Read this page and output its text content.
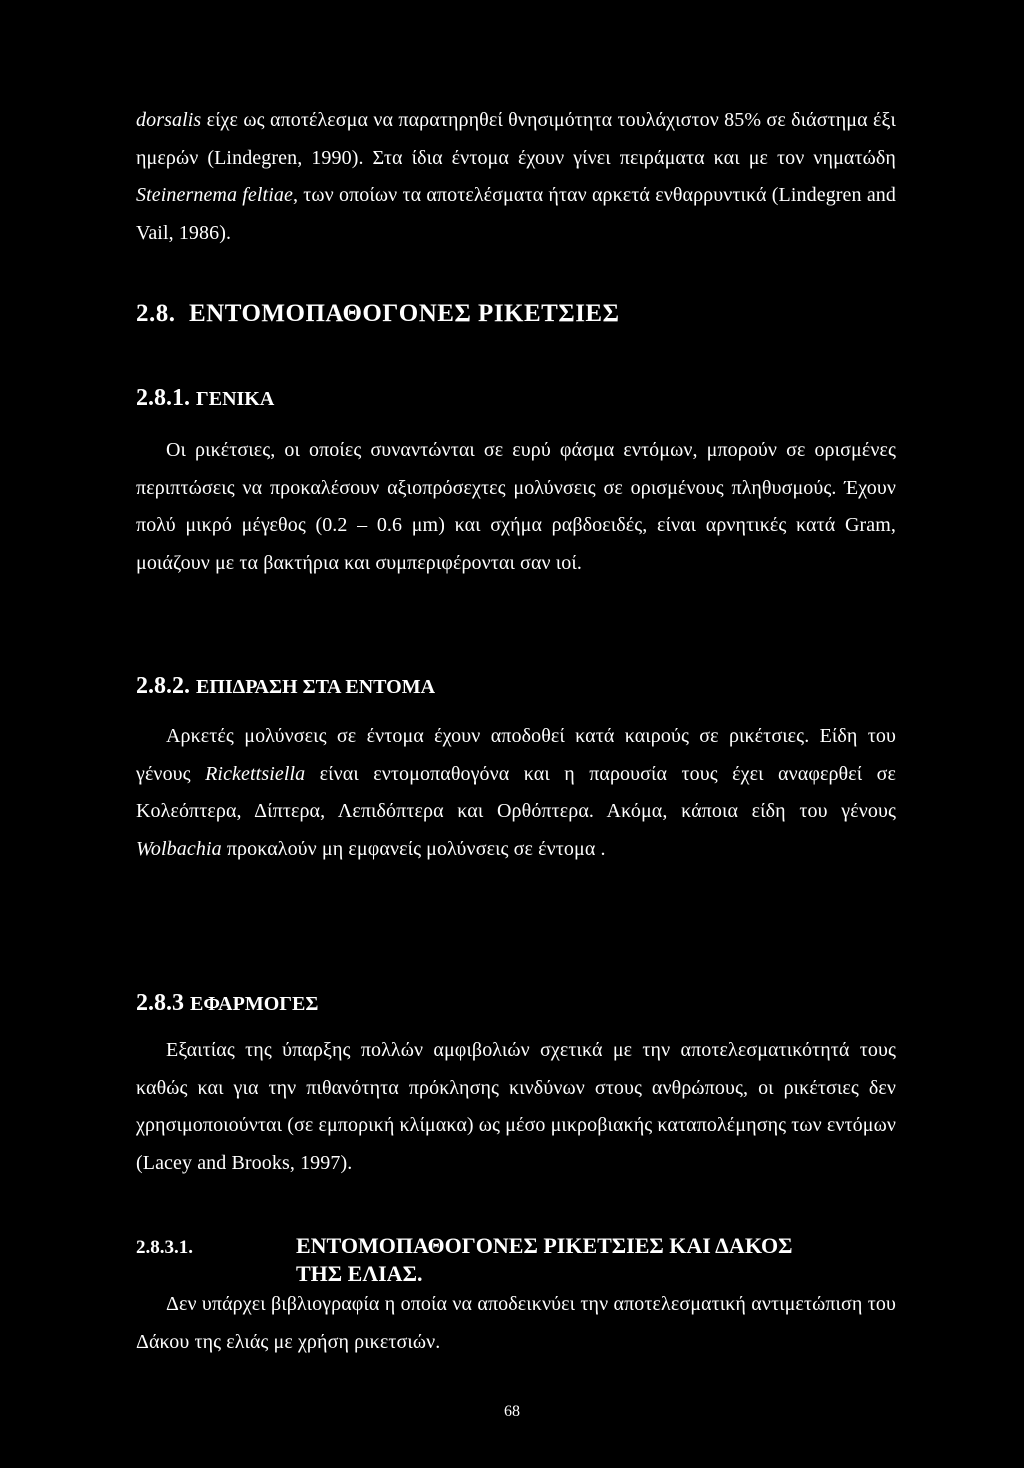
dorsalis είχε ως αποτέλεσμα να παρατηρηθεί θνησιμότητα τουλάχιστον 85% σε διάστημα έξι ημερών (Lindegren, 1990). Στα ίδια έντομα έχουν γίνει πειράματα και με τον νηματώδη Steinernema feltiae, των οποίων τα αποτελέσματα ήταν αρκετά ενθαρρυντικά (Lindegren and Vail, 1986).

2.8. ΕΝΤΟΜΟΠΑΘΟΓΟΝΕΣ ΡΙΚΕΤΣΙΕΣ
2.8.1. ΓΕΝΙΚΑ

Οι ρικέτσιες, οι οποίες συναντώνται σε ευρύ φάσμα εντόμων, μπορούν σε ορισμένες περιπτώσεις να προκαλέσουν αξιοπρόσεχτες μολύνσεις σε ορισμένους πληθυσμούς. Έχουν πολύ μικρό μέγεθος (0.2 – 0.6 μm) και σχήμα ραβδοειδές, είναι αρνητικές κατά Gram, μοιάζουν με τα βακτήρια και συμπεριφέρονται σαν ιοί.

2.8.2. ΕΠΙΔΡΑΣΗ ΣΤΑ ΕΝΤΟΜΑ

Αρκετές μολύνσεις σε έντομα έχουν αποδοθεί κατά καιρούς σε ρικέτσιες. Είδη του γένους Rickettsiella είναι εντομοπαθογόνα και η παρουσία τους έχει αναφερθεί σε Κολεόπτερα, Δίπτερα, Λεπιδόπτερα και Ορθόπτερα. Ακόμα, κάποια είδη του γένους Wolbachia προκαλούν μη εμφανείς μολύνσεις σε έντομα .

2.8.3 ΕΦΑΡΜΟΓΕΣ

Εξαιτίας της ύπαρξης πολλών αμφιβολιών σχετικά με την αποτελεσματικότητά τους καθώς και για την πιθανότητα πρόκλησης κινδύνων στους ανθρώπους, οι ρικέτσιες δεν χρησιμοποιούνται (σε εμπορική κλίμακα) ως μέσο μικροβιακής καταπολέμησης των εντόμων (Lacey and Brooks, 1997).

2.8.3.1.	ΕΝΤΟΜΟΠΑΘΟΓΟΝΕΣ ΡΙΚΕΤΣΙΕΣ ΚΑΙ ΔΑΚΟΣ
ΤΗΣ ΕΛΙΑΣ.

Δεν υπάρχει βιβλιογραφία η οποία να αποδεικνύει την αποτελεσματική αντιμετώπιση του Δάκου της ελιάς με χρήση ρικετσιών.

68
